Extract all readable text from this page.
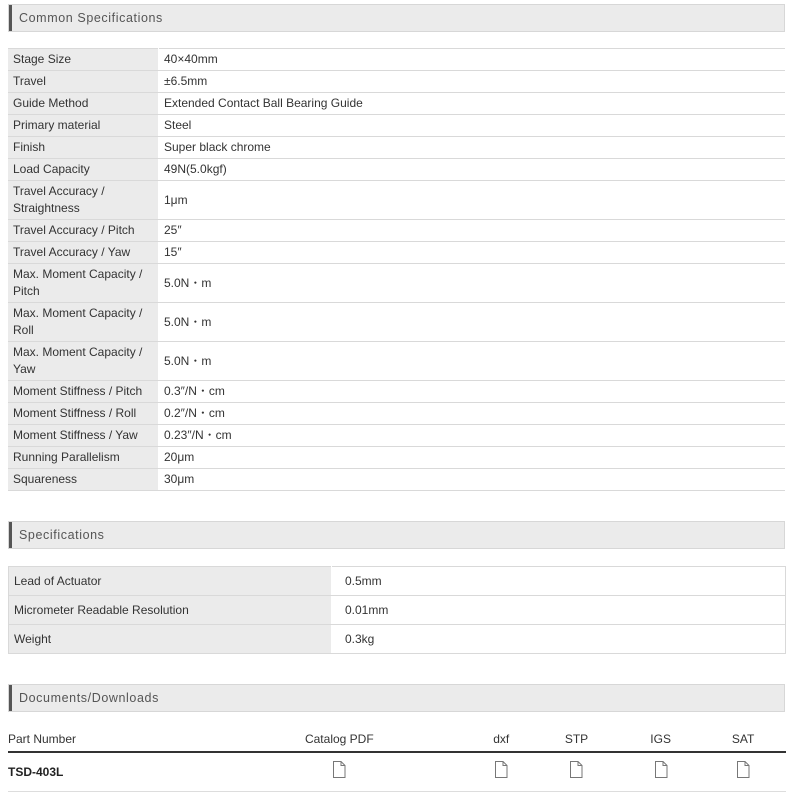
Common Specifications
Stage Size	40×40mm
Travel	±6.5mm
Guide Method	Extended Contact Ball Bearing Guide
Primary material	Steel
Finish	Super black chrome
Load Capacity	49N(5.0kgf)
Travel Accuracy / Straightness	1μm
Travel Accuracy / Pitch	25″
Travel Accuracy / Yaw	15″
Max. Moment Capacity / Pitch	5.0N・m
Max. Moment Capacity / Roll	5.0N・m
Max. Moment Capacity / Yaw	5.0N・m
Moment Stiffness / Pitch	0.3″/N・cm
Moment Stiffness / Roll	0.2″/N・cm
Moment Stiffness / Yaw	0.23″/N・cm
Running Parallelism	20μm
Squareness	30μm
Specifications
Lead of Actuator	0.5mm
Micrometer Readable Resolution	0.01mm
Weight	0.3kg
Documents/Downloads
Part Number	Catalog PDF	dxf	STP	IGS	SAT
TSD-403L					
